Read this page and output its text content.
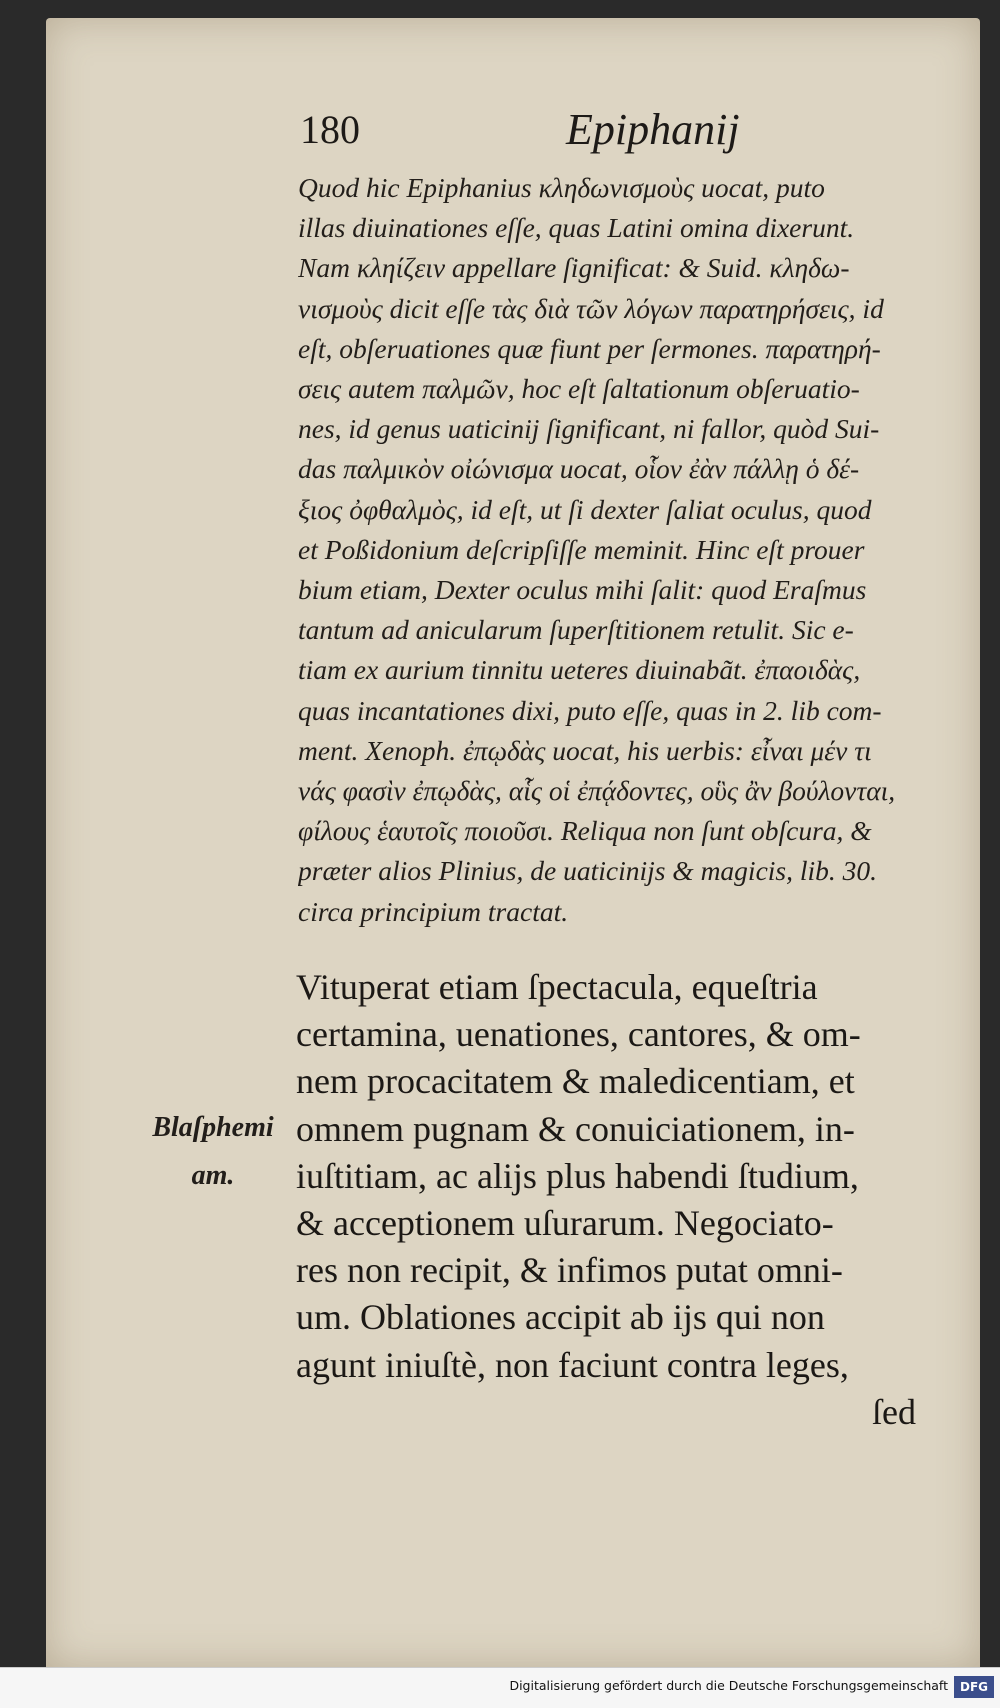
180	Epiphanij
Quod hic Epiphanius κληδωνισμοὺς uocat, puto
illas diuinationes eſſe, quas Latini omina dixerunt.
Nam κληίζειν appellare ſignificat: & Suid. κληδω-
νισμοὺς dicit eſſe τὰς διὰ τῶν λόγων παρατηρήσεις, id
eſt, obſeruationes quæ fiunt per ſermones. παρατηρή-
σεις autem παλμῶν, hoc eſt ſaltationum obſeruatio-
nes, id genus uaticinij ſignificant, ni fallor, quòd Sui-
das παλμικὸν οἰώνισμα uocat, οἷον ἐὰν πάλλῃ ὁ δέ-
ξιος ὀφθαλμὸς, id eſt, ut ſi dexter ſaliat oculus, quod
et Poßidonium deſcripſiſſe meminit. Hinc eſt prouer
bium etiam, Dexter oculus mihi ſalit: quod Eraſmus
tantum ad anicularum ſuperſtitionem retulit. Sic e-
tiam ex aurium tinnitu ueteres diuinabãt. ἐπαοιδὰς,
quas incantationes dixi, puto eſſe, quas in 2. lib com-
ment. Xenoph. ἐπῳδὰς uocat, his uerbis: εἶναι μέν τι
νάς φασὶν ἐπῳδὰς, αἷς οἱ ἐπᾴδοντες, οὓς ἂν βούλονται,
φίλους ἑαυτοῖς ποιοῦσι. Reliqua non ſunt obſcura, &
præter alios Plinius, de uaticinijs & magicis, lib. 30.
circa principium tractat.
Blaſphemi
am.
Vituperat etiam ſpectacula, equeſtria
certamina, uenationes, cantores, & om-
nem procacitatem & maledicentiam, et
omnem pugnam & conuiciationem, in-
iuſtitiam, ac alijs plus habendi ſtudium,
& acceptionem uſurarum. Negociato-
res non recipit, & infimos putat omni-
um. Oblationes accipit ab ijs qui non
agunt iniuſtè, non faciunt contra leges,
ſed
Digitalisierung gefördert durch die Deutsche Forschungsgemeinschaft DFG
